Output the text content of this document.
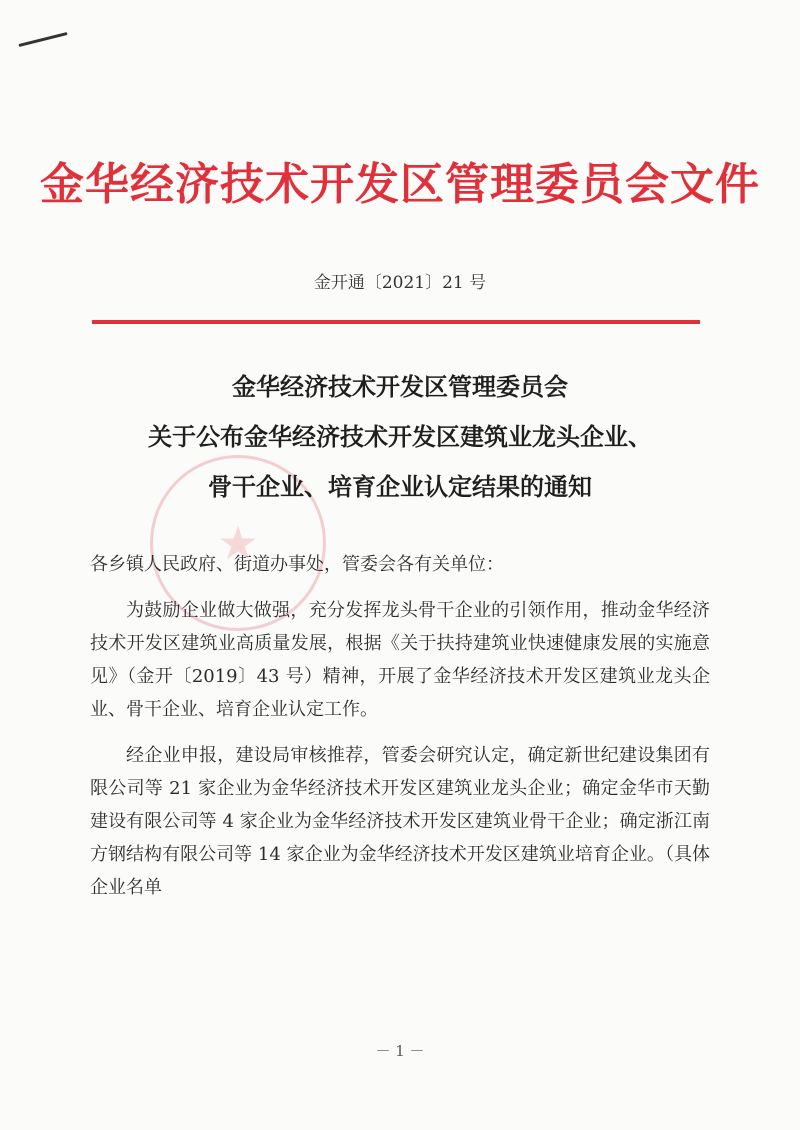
金华经济技术开发区管理委员会文件
金开通〔2021〕21 号
★
金华经济技术开发区管理委员会
关于公布金华经济技术开发区建筑业龙头企业、
骨干企业、培育企业认定结果的通知

各乡镇人民政府、街道办事处，管委会各有关单位：

为鼓励企业做大做强，充分发挥龙头骨干企业的引领作用，推动金华经济技术开发区建筑业高质量发展，根据《关于扶持建筑业快速健康发展的实施意见》（金开〔2019〕43 号）精神，开展了金华经济技术开发区建筑业龙头企业、骨干企业、培育企业认定工作。

经企业申报，建设局审核推荐，管委会研究认定，确定新世纪建设集团有限公司等 21 家企业为金华经济技术开发区建筑业龙头企业；确定金华市天勤建设有限公司等 4 家企业为金华经济技术开发区建筑业骨干企业；确定浙江南方钢结构有限公司等 14 家企业为金华经济技术开发区建筑业培育企业。（具体企业名单

－ 1 －
